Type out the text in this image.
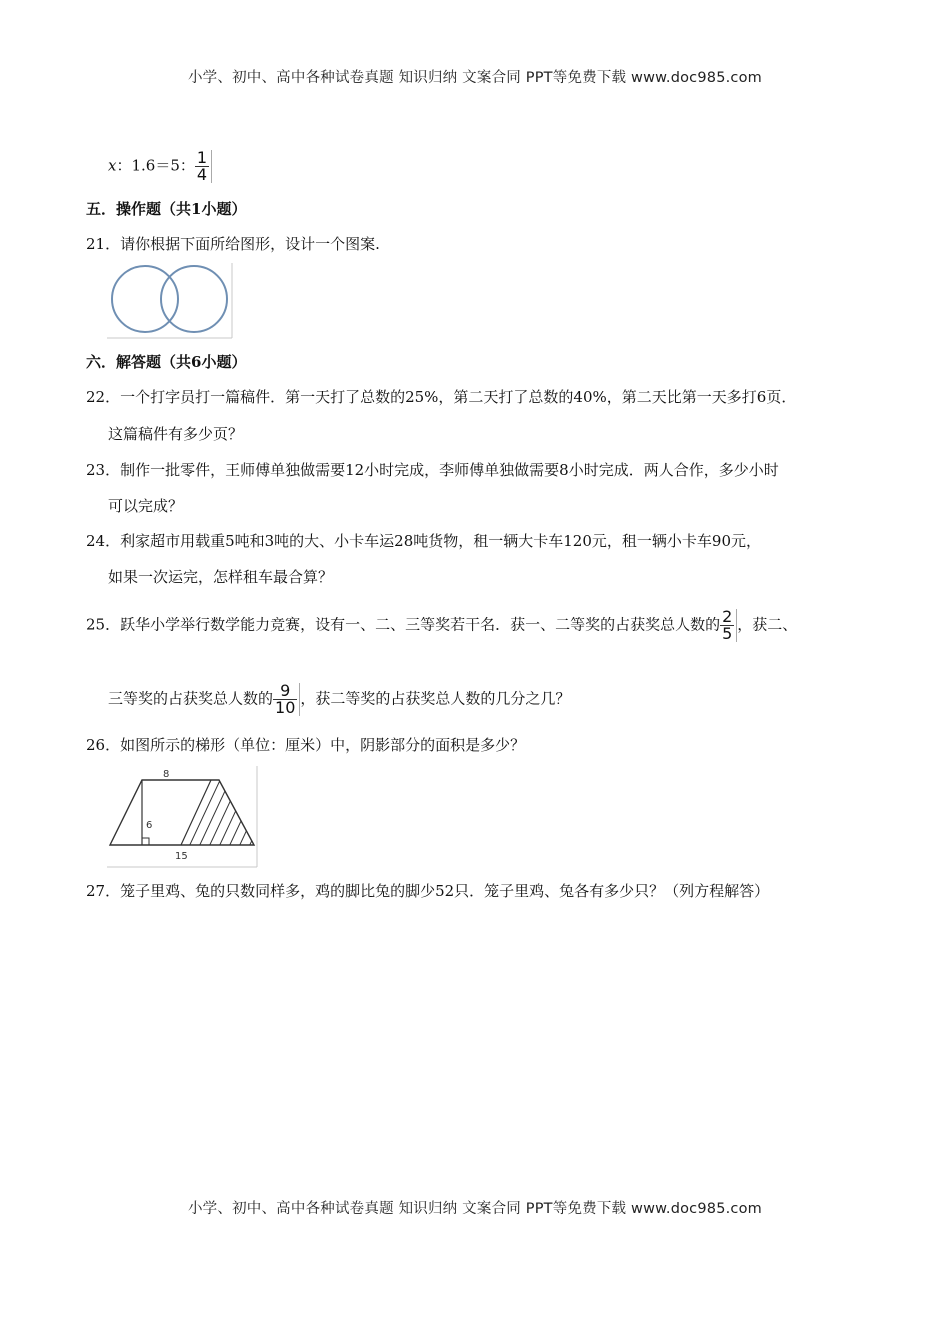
小学、初中、高中各种试卷真题 知识归纳 文案合同 PPT等免费下载 www.doc985.com
x：1.6＝5： $\frac{1}{4}$
五．操作题（共1小题）
21．请你根据下面所给图形，设计一个图案.
六．解答题（共6小题）
22．一个打字员打一篇稿件．第一天打了总数的25%，第二天打了总数的40%，第二天比第一天多打6页．
这篇稿件有多少页？
23．制作一批零件，王师傅单独做需要12小时完成，李师傅单独做需要8小时完成．两人合作，多少小时
可以完成？
24．利家超市用载重5吨和3吨的大、小卡车运28吨货物，租一辆大卡车120元，租一辆小卡车90元，
如果一次运完，怎样租车最合算？
25．跃华小学举行数学能力竞赛，设有一、二、三等奖若干名．获一、二等奖的占获奖总人数的 $\frac{2}{5}$ ，获二、
三等奖的占获奖总人数的 $\frac{9}{10}$ ，获二等奖的占获奖总人数的几分之几？
26．如图所示的梯形（单位：厘米）中，阴影部分的面积是多少？
8
6
15
27．笼子里鸡、兔的只数同样多，鸡的脚比兔的脚少52只．笼子里鸡、兔各有多少只？（列方程解答）
小学、初中、高中各种试卷真题 知识归纳 文案合同 PPT等免费下载 www.doc985.com
